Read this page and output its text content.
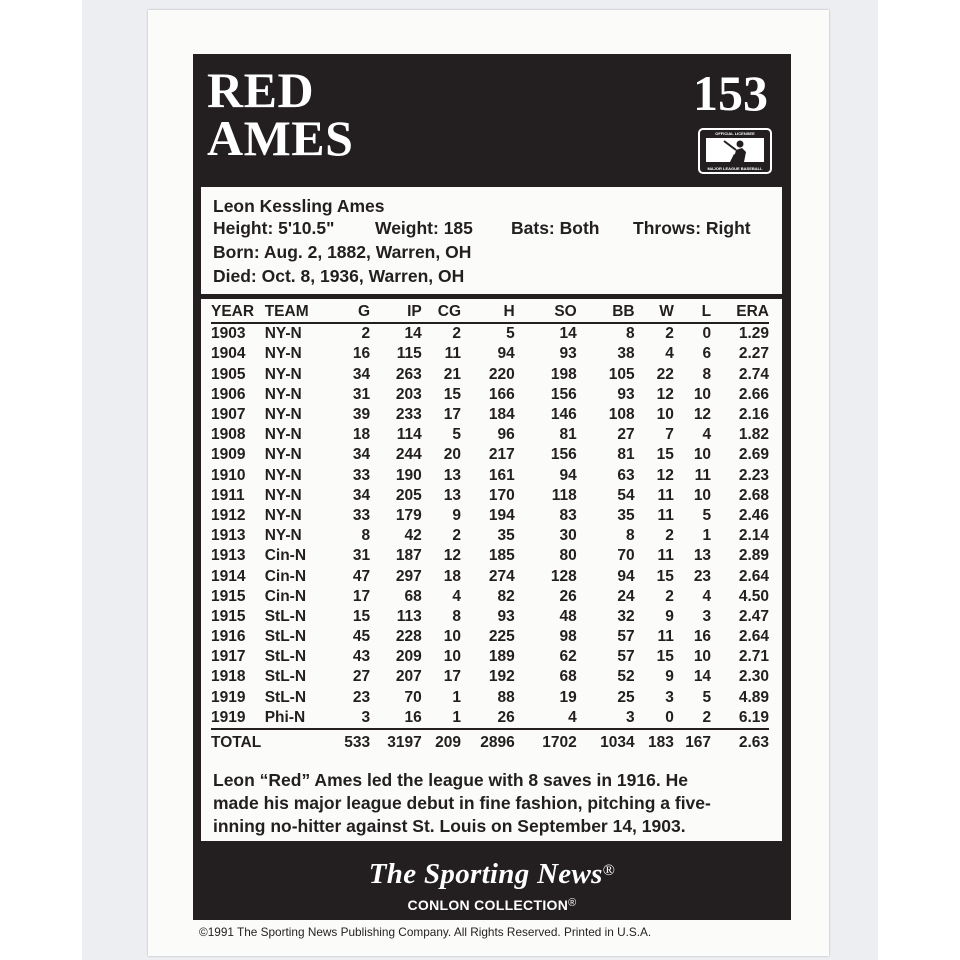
RED
AMES
153
OFFICIAL LICENSEE
MAJOR LEAGUE BASEBALL
Leon Kessling Ames
Height: 5'10.5" Weight: 185 Bats: Both Throws: Right
Born: Aug. 2, 1882, Warren, OH
Died: Oct. 8, 1936, Warren, OH
YEAR	TEAM	G	IP	CG	H	SO	BB	W	L	ERA
1903	NY-N	2	14	2	5	14	8	2	0	1.29
1904	NY-N	16	115	11	94	93	38	4	6	2.27
1905	NY-N	34	263	21	220	198	105	22	8	2.74
1906	NY-N	31	203	15	166	156	93	12	10	2.66
1907	NY-N	39	233	17	184	146	108	10	12	2.16
1908	NY-N	18	114	5	96	81	27	7	4	1.82
1909	NY-N	34	244	20	217	156	81	15	10	2.69
1910	NY-N	33	190	13	161	94	63	12	11	2.23
1911	NY-N	34	205	13	170	118	54	11	10	2.68
1912	NY-N	33	179	9	194	83	35	11	5	2.46
1913	NY-N	8	42	2	35	30	8	2	1	2.14
1913	Cin-N	31	187	12	185	80	70	11	13	2.89
1914	Cin-N	47	297	18	274	128	94	15	23	2.64
1915	Cin-N	17	68	4	82	26	24	2	4	4.50
1915	StL-N	15	113	8	93	48	32	9	3	2.47
1916	StL-N	45	228	10	225	98	57	11	16	2.64
1917	StL-N	43	209	10	189	62	57	15	10	2.71
1918	StL-N	27	207	17	192	68	52	9	14	2.30
1919	StL-N	23	70	1	88	19	25	3	5	4.89
1919	Phi-N	3	16	1	26	4	3	0	2	6.19
TOTAL		533	3197	209	2896	1702	1034	183	167	2.63
Leon “Red” Ames led the league with 8 saves in 1916. He
made his major league debut in fine fashion, pitching a five-
inning no-hitter against St. Louis on September 14, 1903.
The Sporting News®
CONLON COLLECTION®
©1991 The Sporting News Publishing Company. All Rights Reserved. Printed in U.S.A.
